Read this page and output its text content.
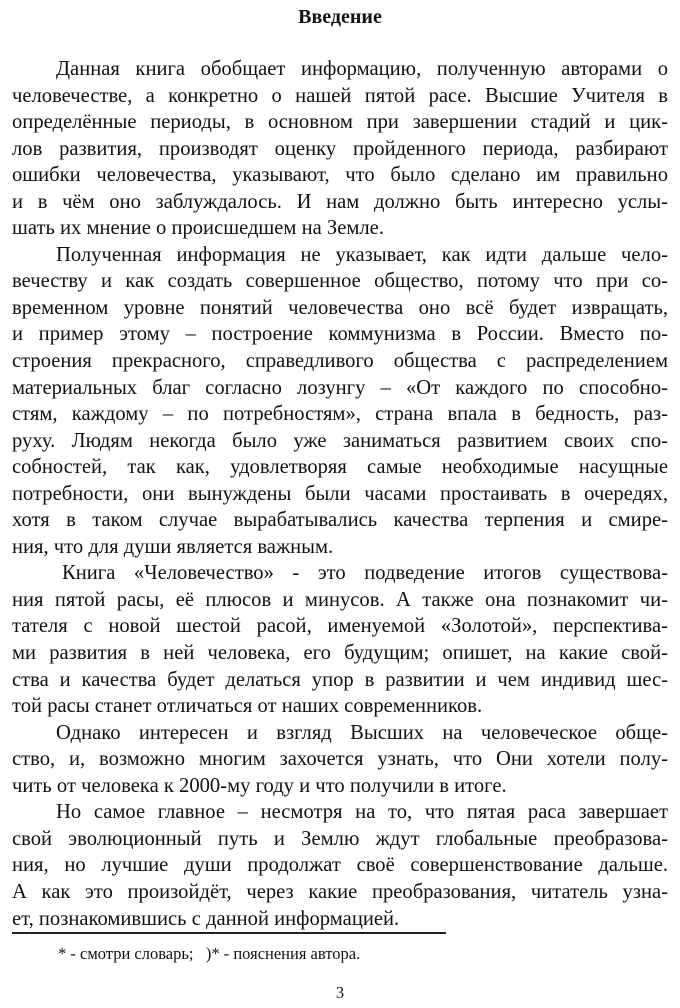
Введение
Данная книга обобщает информацию, полученную авторами о
человечестве, а конкретно о нашей пятой расе. Высшие Учителя в
определённые периоды, в основном при завершении стадий и цик-
лов развития, производят оценку пройденного периода, разбирают
ошибки человечества, указывают, что было сделано им правильно
и в чём оно заблуждалось. И нам должно быть интересно услы-
шать их мнение о происшедшем на Земле.
Полученная информация не указывает, как идти дальше чело-
вечеству и как создать совершенное общество, потому что при со-
временном уровне понятий человечества оно всё будет извращать,
и пример этому – построение коммунизма в России. Вместо по-
строения прекрасного, справедливого общества с распределением
материальных благ согласно лозунгу – «От каждого по способно-
стям, каждому – по потребностям», страна впала в бедность, раз-
руху. Людям некогда было уже заниматься развитием своих спо-
собностей, так как, удовлетворяя самые необходимые насущные
потребности, они вынуждены были часами простаивать в очередях,
хотя в таком случае вырабатывались качества терпения и смире-
ния, что для души является важным.
Книга «Человечество» - это подведение итогов существова-
ния пятой расы, её плюсов и минусов. А также она познакомит чи-
тателя с новой шестой расой, именуемой «Золотой», перспектива-
ми развития в ней человека, его будущим; опишет, на какие свой-
ства и качества будет делаться упор в развитии и чем индивид шес-
той расы станет отличаться от наших современников.
Однако интересен и взгляд Высших на человеческое обще-
ство, и, возможно многим захочется узнать, что Они хотели полу-
чить от человека к 2000-му году и что получили в итоге.
Но самое главное – несмотря на то, что пятая раса завершает
свой эволюционный путь и Землю ждут глобальные преобразова-
ния, но лучшие души продолжат своё совершенствование дальше.
А как это произойдёт, через какие преобразования, читатель узна-
ет, познакомившись с данной информацией.
* - смотри словарь;   )* - пояснения автора.
3
